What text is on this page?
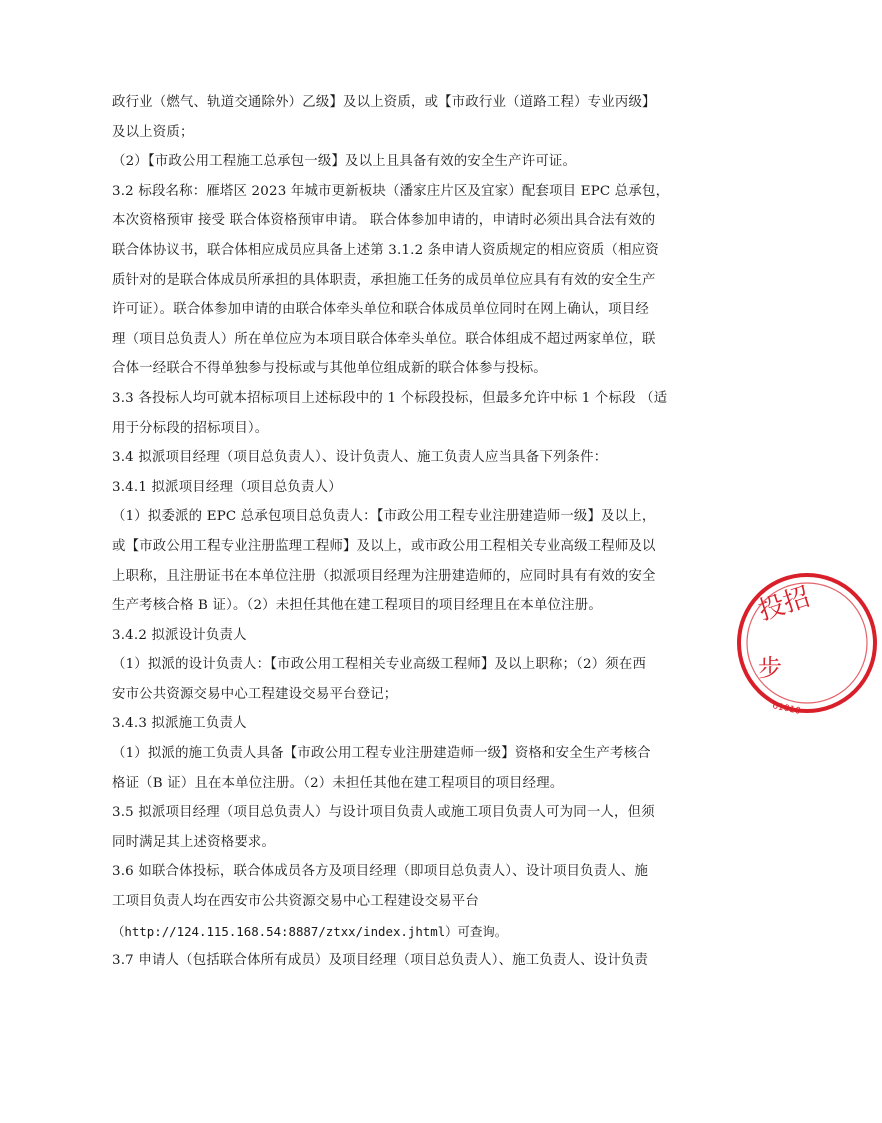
政行业（燃气、轨道交通除外）乙级】及以上资质，或【市政行业（道路工程）专业丙级】
及以上资质；
（2）【市政公用工程施工总承包一级】及以上且具备有效的安全生产许可证。
3.2 标段名称：雁塔区 2023 年城市更新板块（潘家庄片区及宜家）配套项目 EPC 总承包，
本次资格预审 接受 联合体资格预审申请。 联合体参加申请的，申请时必须出具合法有效的
联合体协议书，联合体相应成员应具备上述第 3.1.2 条申请人资质规定的相应资质（相应资
质针对的是联合体成员所承担的具体职责，承担施工任务的成员单位应具有有效的安全生产
许可证）。联合体参加申请的由联合体牵头单位和联合体成员单位同时在网上确认，项目经
理（项目总负责人）所在单位应为本项目联合体牵头单位。联合体组成不超过两家单位，联
合体一经联合不得单独参与投标或与其他单位组成新的联合体参与投标。
3.3 各投标人均可就本招标项目上述标段中的 1 个标段投标，但最多允许中标 1 个标段 （适
用于分标段的招标项目）。
3.4 拟派项目经理（项目总负责人）、设计负责人、施工负责人应当具备下列条件：
3.4.1 拟派项目经理（项目总负责人）
（1）拟委派的 EPC 总承包项目总负责人：【市政公用工程专业注册建造师一级】及以上，
或【市政公用工程专业注册监理工程师】及以上，或市政公用工程相关专业高级工程师及以
上职称，且注册证书在本单位注册（拟派项目经理为注册建造师的，应同时具有有效的安全
生产考核合格 B 证）。（2）未担任其他在建工程项目的项目经理且在本单位注册。
3.4.2 拟派设计负责人
（1）拟派的设计负责人：【市政公用工程相关专业高级工程师】及以上职称；（2）须在西
安市公共资源交易中心工程建设交易平台登记；
3.4.3 拟派施工负责人
（1）拟派的施工负责人具备【市政公用工程专业注册建造师一级】资格和安全生产考核合
格证（B 证）且在本单位注册。（2）未担任其他在建工程项目的项目经理。
3.5 拟派项目经理（项目总负责人）与设计项目负责人或施工项目负责人可为同一人，但须
同时满足其上述资格要求。
3.6 如联合体投标，联合体成员各方及项目经理（即项目总负责人）、设计项目负责人、施
工项目负责人均在西安市公共资源交易中心工程建设交易平台
（http://124.115.168.54:8887/ztxx/index.jhtml）可查询。
3.7 申请人（包括联合体所有成员）及项目经理（项目总负责人）、施工负责人、设计负责
投招
步
61010
